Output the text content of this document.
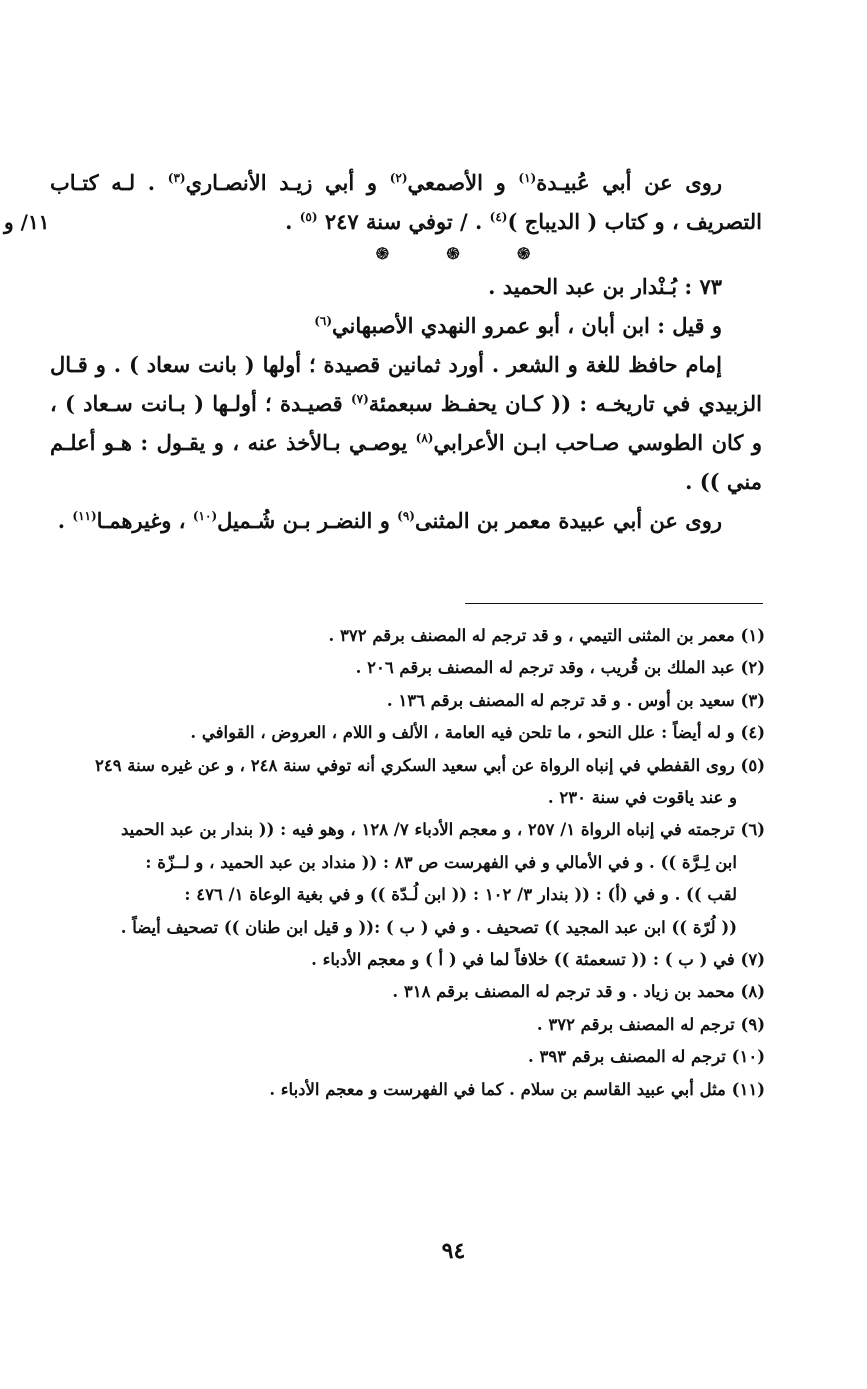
١١/ و

روى عن أبي عُبيـدة$^{(١)}$ و الأصمعي$^{(٢)}$ و أبي زيـد الأنصـاري$^{(٣)}$ . لـه كتـاب التصريف ، و كتاب ( الديباج )$^{(٤)}$ . / توفي سنة ٢٤٧ $^{(٥)}$ .

֍ ֍ ֍

٧٣ : بُـنْدار بن عبد الحميد .

و قيل : ابن أبان ، أبو عمرو النهدي الأصبهاني$^{(٦)}$

إمام حافظ للغة و الشعر . أورد ثمانين قصيدة ؛ أولها ( بانت سعاد ) . و قـال الزبيدي في تاريخـه : (( كـان يحفـظ سبعمئة$^{(٧)}$ قصيـدة ؛ أولـها ( بـانت سـعاد ) ، و كان الطوسي صـاحب ابـن الأعرابي$^{(٨)}$ يوصـي بـالأخذ عنه ، و يقـول : هـو أعلـم مني )) .

روى عن أبي عبيدة معمر بن المثنى$^{(٩)}$ و النضـر بـن شُـميل$^{(١٠)}$ ، وغيرهمـا$^{(١١)}$ .

(١) معمر بن المثنى التيمي ، و قد ترجم له المصنف برقم ٣٧٢ .

(٢) عبد الملك بن قُريب ، وقد ترجم له المصنف برقم ٢٠٦ .

(٣) سعيد بن أوس . و قد ترجم له المصنف برقم ١٣٦ .

(٤) و له أيضاً : علل النحو ، ما تلحن فيه العامة ، الألف و اللام ، العروض ، القوافي .

(٥) روى القفطي في إنباه الرواة عن أبي سعيد السكري أنه توفي سنة ٢٤٨ ، و عن غيره سنة ٢٤٩

و عند ياقوت في سنة ٢٣٠ .

(٦) ترجمته في إنباه الرواة ١/ ٢٥٧ ، و معجم الأدباء ٧/ ١٢٨ ، وهو فيه : (( بندار بن عبد الحميد

ابن لِـرَّة )) . و في الأمالي و في الفهرست ص ٨٣ : (( منداد بن عبد الحميد ، و لــزّة :

لقب )) . و في (أ) : (( بندار ٣/ ١٠٢ : (( ابن لُـدّة )) و في بغية الوعاة ١/ ٤٧٦ :

(( لُرّة )) ابن عبد المجيد )) تصحيف . و في ( ب ) :(( و قيل ابن طنان )) تصحيف أيضاً .

(٧) في ( ب ) : (( تسعمئة )) خلافاً لما في ( أ ) و معجم الأدباء .

(٨) محمد بن زياد . و قد ترجم له المصنف برقم ٣١٨ .

(٩) ترجم له المصنف برقم ٣٧٢ .

(١٠) ترجم له المصنف برقم ٣٩٣ .

(١١) مثل أبي عبيد القاسم بن سلام . كما في الفهرست و معجم الأدباء .

٩٤
